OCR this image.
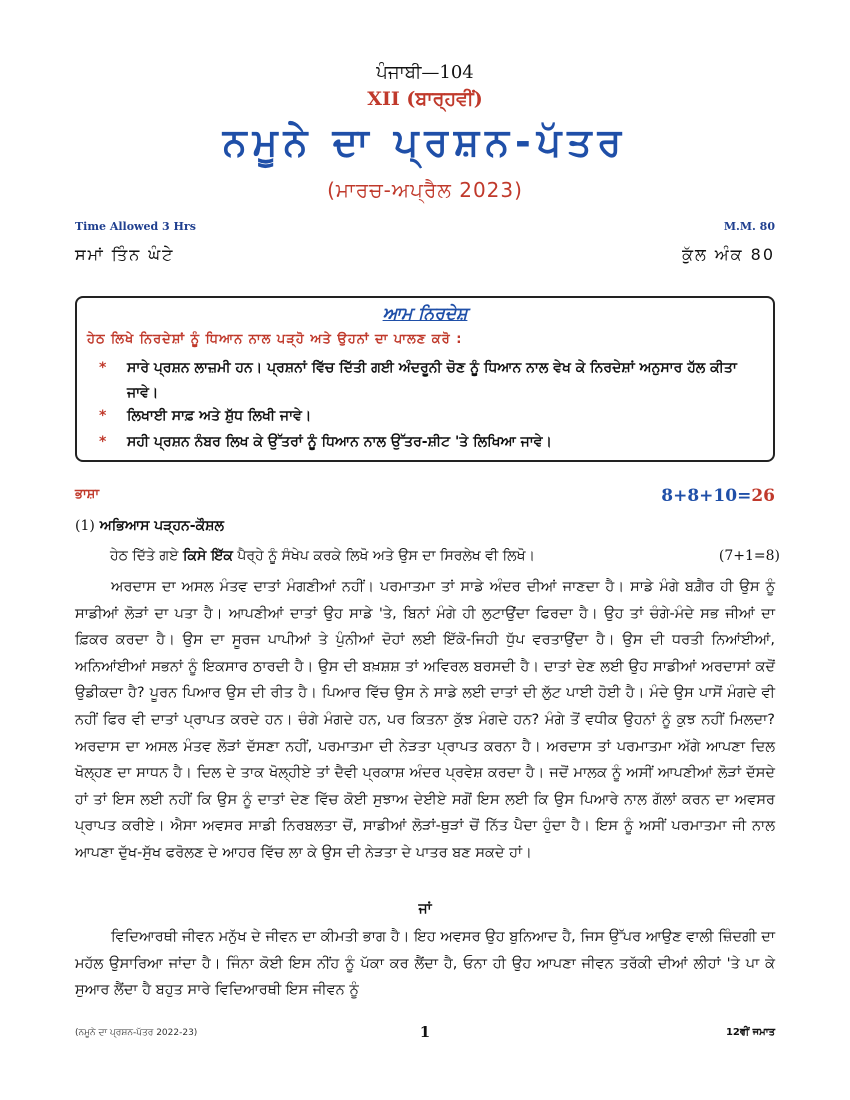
ਪੰਜਾਬੀ—104
XII (ਬਾਰ੍ਹਵੀਂ)
ਨਮੂਨੇ ਦਾ ਪ੍ਰਸ਼ਨ-ਪੱਤਰ
(ਮਾਰਚ-ਅਪ੍ਰੈਲ 2023)
Time Allowed 3 Hrs	M.M. 80
ਸਮਾਂ ਤਿੰਨ ਘੰਟੇ	ਕੁੱਲ ਅੰਕ 80
ਆਮ ਨਿਰਦੇਸ਼
ਹੇਠ ਲਿਖੇ ਨਿਰਦੇਸ਼ਾਂ ਨੂੰ ਧਿਆਨ ਨਾਲ ਪੜ੍ਹੋ ਅਤੇ ਉਹਨਾਂ ਦਾ ਪਾਲਣ ਕਰੋ :
* ਸਾਰੇ ਪ੍ਰਸ਼ਨ ਲਾਜ਼ਮੀ ਹਨ। ਪ੍ਰਸ਼ਨਾਂ ਵਿੱਚ ਦਿੱਤੀ ਗਈ ਅੰਦਰੂਨੀ ਚੋਣ ਨੂੰ ਧਿਆਨ ਨਾਲ ਵੇਖ ਕੇ ਨਿਰਦੇਸ਼ਾਂ ਅਨੁਸਾਰ ਹੱਲ ਕੀਤਾ ਜਾਵੇ।
* ਲਿਖਾਈ ਸਾਫ਼ ਅਤੇ ਸ਼ੁੱਧ ਲਿਖੀ ਜਾਵੇ।
* ਸਹੀ ਪ੍ਰਸ਼ਨ ਨੰਬਰ ਲਿਖ ਕੇ ਉੱਤਰਾਂ ਨੂੰ ਧਿਆਨ ਨਾਲ ਉੱਤਰ-ਸ਼ੀਟ 'ਤੇ ਲਿਖਿਆ ਜਾਵੇ।
ਭਾਸ਼ਾ	8+8+10=26
(1) ਅਭਿਆਸ ਪੜ੍ਹਨ-ਕੌਸ਼ਲ
ਹੇਠ ਦਿੱਤੇ ਗਏ ਕਿਸੇ ਇੱਕ ਪੈਰ੍ਹੇ ਨੂੰ ਸੰਖੇਪ ਕਰਕੇ ਲਿਖੋ ਅਤੇ ਉਸ ਦਾ ਸਿਰਲੇਖ ਵੀ ਲਿਖੋ।	(7+1=8)

ਅਰਦਾਸ ਦਾ ਅਸਲ ਮੰਤਵ ਦਾਤਾਂ ਮੰਗਣੀਆਂ ਨਹੀਂ। ਪਰਮਾਤਮਾ ਤਾਂ ਸਾਡੇ ਅੰਦਰ ਦੀਆਂ ਜਾਣਦਾ ਹੈ। ਸਾਡੇ ਮੰਗੇ ਬਗ਼ੈਰ ਹੀ ਉਸ ਨੂੰ ਸਾਡੀਆਂ ਲੋੜਾਂ ਦਾ ਪਤਾ ਹੈ। ਆਪਣੀਆਂ ਦਾਤਾਂ ਉਹ ਸਾਡੇ 'ਤੇ, ਬਿਨਾਂ ਮੰਗੇ ਹੀ ਲੁਟਾਉਂਦਾ ਫਿਰਦਾ ਹੈ। ਉਹ ਤਾਂ ਚੰਗੇ-ਮੰਦੇ ਸਭ ਜੀਆਂ ਦਾ ਫ਼ਿਕਰ ਕਰਦਾ ਹੈ। ਉਸ ਦਾ ਸੂਰਜ ਪਾਪੀਆਂ ਤੇ ਪੁੰਨੀਆਂ ਦੋਹਾਂ ਲਈ ਇੱਕੋ-ਜਿਹੀ ਧੁੱਪ ਵਰਤਾਉਂਦਾ ਹੈ। ਉਸ ਦੀ ਧਰਤੀ ਨਿਆਂਈਆਂ, ਅਨਿਆਂਈਆਂ ਸਭਨਾਂ ਨੂੰ ਇਕਸਾਰ ਠਾਰਦੀ ਹੈ। ਉਸ ਦੀ ਬਖ਼ਸ਼ਸ਼ ਤਾਂ ਅਵਿਰਲ ਬਰਸਦੀ ਹੈ। ਦਾਤਾਂ ਦੇਣ ਲਈ ਉਹ ਸਾਡੀਆਂ ਅਰਦਾਸਾਂ ਕਦੋਂ ਉਡੀਕਦਾ ਹੈ? ਪੂਰਨ ਪਿਆਰ ਉਸ ਦੀ ਰੀਤ ਹੈ। ਪਿਆਰ ਵਿੱਚ ਉਸ ਨੇ ਸਾਡੇ ਲਈ ਦਾਤਾਂ ਦੀ ਲੁੱਟ ਪਾਈ ਹੋਈ ਹੈ। ਮੰਦੇ ਉਸ ਪਾਸੋਂ ਮੰਗਦੇ ਵੀ ਨਹੀਂ ਫਿਰ ਵੀ ਦਾਤਾਂ ਪ੍ਰਾਪਤ ਕਰਦੇ ਹਨ। ਚੰਗੇ ਮੰਗਦੇ ਹਨ, ਪਰ ਕਿਤਨਾ ਕੁੱਝ ਮੰਗਦੇ ਹਨ? ਮੰਗੇ ਤੋਂ ਵਧੀਕ ਉਹਨਾਂ ਨੂੰ ਕੁਝ ਨਹੀਂ ਮਿਲਦਾ? ਅਰਦਾਸ ਦਾ ਅਸਲ ਮੰਤਵ ਲੋੜਾਂ ਦੱਸਣਾ ਨਹੀਂ, ਪਰਮਾਤਮਾ ਦੀ ਨੇੜਤਾ ਪ੍ਰਾਪਤ ਕਰਨਾ ਹੈ। ਅਰਦਾਸ ਤਾਂ ਪਰਮਾਤਮਾ ਅੱਗੇ ਆਪਣਾ ਦਿਲ ਖੋਲ੍ਹਣ ਦਾ ਸਾਧਨ ਹੈ। ਦਿਲ ਦੇ ਤਾਕ ਖੋਲ੍ਹੀਏ ਤਾਂ ਦੈਵੀ ਪ੍ਰਕਾਸ਼ ਅੰਦਰ ਪ੍ਰਵੇਸ਼ ਕਰਦਾ ਹੈ। ਜਦੋਂ ਮਾਲਕ ਨੂੰ ਅਸੀਂ ਆਪਣੀਆਂ ਲੋੜਾਂ ਦੱਸਦੇ ਹਾਂ ਤਾਂ ਇਸ ਲਈ ਨਹੀਂ ਕਿ ਉਸ ਨੂੰ ਦਾਤਾਂ ਦੇਣ ਵਿੱਚ ਕੋਈ ਸੁਝਾਅ ਦੇਈਏ ਸਗੋਂ ਇਸ ਲਈ ਕਿ ਉਸ ਪਿਆਰੇ ਨਾਲ ਗੱਲਾਂ ਕਰਨ ਦਾ ਅਵਸਰ ਪ੍ਰਾਪਤ ਕਰੀਏ। ਐਸਾ ਅਵਸਰ ਸਾਡੀ ਨਿਰਬਲਤਾ ਚੋਂ, ਸਾਡੀਆਂ ਲੋੜਾਂ-ਥੁੜਾਂ ਚੋਂ ਨਿੱਤ ਪੈਦਾ ਹੁੰਦਾ ਹੈ। ਇਸ ਨੂੰ ਅਸੀਂ ਪਰਮਾਤਮਾ ਜੀ ਨਾਲ ਆਪਣਾ ਦੁੱਖ-ਸੁੱਖ ਫਰੋਲਣ ਦੇ ਆਹਰ ਵਿੱਚ ਲਾ ਕੇ ਉਸ ਦੀ ਨੇੜਤਾ ਦੇ ਪਾਤਰ ਬਣ ਸਕਦੇ ਹਾਂ।

ਜਾਂ

ਵਿਦਿਆਰਥੀ ਜੀਵਨ ਮਨੁੱਖ ਦੇ ਜੀਵਨ ਦਾ ਕੀਮਤੀ ਭਾਗ ਹੈ। ਇਹ ਅਵਸਰ ਉਹ ਬੁਨਿਆਦ ਹੈ, ਜਿਸ ਉੱਪਰ ਆਉਣ ਵਾਲੀ ਜ਼ਿੰਦਗੀ ਦਾ ਮਹੱਲ ਉਸਾਰਿਆ ਜਾਂਦਾ ਹੈ। ਜਿੰਨਾ ਕੋਈ ਇਸ ਨੀਂਹ ਨੂੰ ਪੱਕਾ ਕਰ ਲੈਂਦਾ ਹੈ, ਓਨਾ ਹੀ ਉਹ ਆਪਣਾ ਜੀਵਨ ਤਰੱਕੀ ਦੀਆਂ ਲੀਹਾਂ 'ਤੇ ਪਾ ਕੇ ਸੁਆਰ ਲੈਂਦਾ ਹੈ ਬਹੁਤ ਸਾਰੇ ਵਿਦਿਆਰਥੀ ਇਸ ਜੀਵਨ ਨੂੰ

(ਨਮੂਨੇ ਦਾ ਪ੍ਰਸ਼ਨ-ਪੱਤਰ 2022-23)	1	12ਵੀਂ ਜਮਾਤ
